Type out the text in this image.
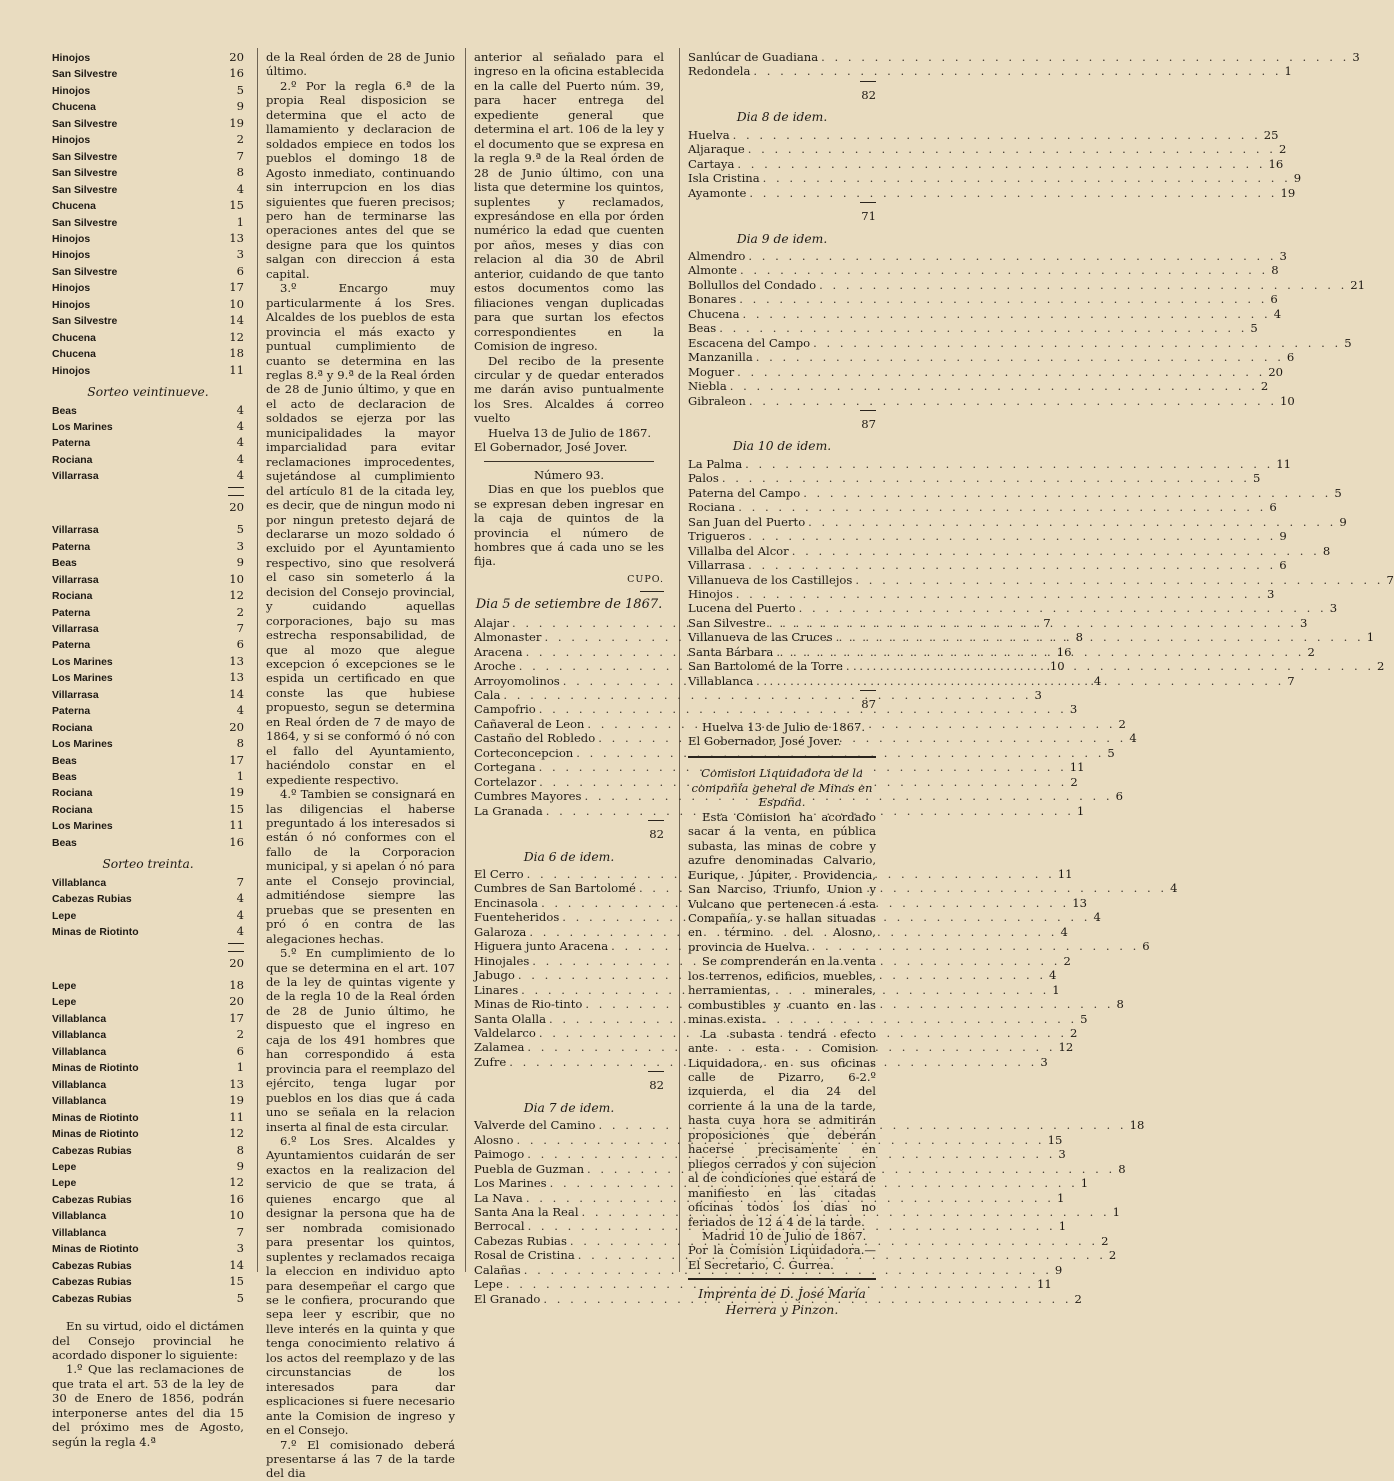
Hinojos	20
San Silvestre	16
Hinojos	5
Chucena	9
San Silvestre	19
Hinojos	2
San Silvestre	7
San Silvestre	8
San Silvestre	4
Chucena	15
San Silvestre	1
Hinojos	13
Hinojos	3
San Silvestre	6
Hinojos	17
Hinojos	10
San Silvestre	14
Chucena	12
Chucena	18
Hinojos	11
Sorteo veintinueve.
Beas	4
Los Marines	4
Paterna	4
Rociana	4
Villarrasa	4
20
Villarrasa	5
Paterna	3
Beas	9
Villarrasa	10
Rociana	12
Paterna	2
Villarrasa	7
Paterna	6
Los Marines	13
Los Marines	13
Villarrasa	14
Paterna	4
Rociana	20
Los Marines	8
Beas	17
Beas	1
Rociana	19
Rociana	15
Los Marines	11
Beas	16
Sorteo treinta.
Villablanca	7
Cabezas Rubias	4
Lepe	4
Minas de Riotinto	4
20
Lepe	18
Lepe	20
Villablanca	17
Villablanca	2
Villablanca	6
Minas de Riotinto	1
Villablanca	13
Villablanca	19
Minas de Riotinto	11
Minas de Riotinto	12
Cabezas Rubias	8
Lepe	9
Lepe	12
Cabezas Rubias	16
Villablanca	10
Villablanca	7
Minas de Riotinto	3
Cabezas Rubias	14
Cabezas Rubias	15
Cabezas Rubias	5

En su virtud, oido el dictámen del Consejo provincial he acordado disponer lo siguiente:

1.º Que las reclamaciones de que trata el art. 53 de la ley de 30 de Enero de 1856, podrán interponerse antes del dia 15 del próximo mes de Agosto, según la regla 4.ª

de la Real órden de 28 de Junio último.

2.º Por la regla 6.ª de la propia Real disposicion se determina que el acto de llamamiento y declaracion de soldados empiece en todos los pueblos el domingo 18 de Agosto inmediato, continuando sin interrupcion en los dias siguientes que fueren precisos; pero han de terminarse las operaciones antes del que se designe para que los quintos salgan con direccion á esta capital.

3.º Encargo muy particularmente á los Sres. Alcaldes de los pueblos de esta provincia el más exacto y puntual cumplimiento de cuanto se determina en las reglas 8.ª y 9.ª de la Real órden de 28 de Junio último, y que en el acto de declaracion de soldados se ejerza por las municipalidades la mayor imparcialidad para evitar reclamaciones improcedentes, sujetándose al cumplimiento del artículo 81 de la citada ley, es decir, que de ningun modo ni por ningun pretesto dejará de declararse un mozo soldado ó excluido por el Ayuntamiento respectivo, sino que resolverá el caso sin someterlo á la decision del Consejo provincial, y cuidando aquellas corporaciones, bajo su mas estrecha responsabilidad, de que al mozo que alegue excepcion ó excepciones se le espida un certificado en que conste las que hubiese propuesto, segun se determina en Real órden de 7 de mayo de 1864, y si se conformó ó nó con el fallo del Ayuntamiento, haciéndolo constar en el expediente respectivo.

4.º Tambien se consignará en las diligencias el haberse preguntado á los interesados si están ó nó conformes con el fallo de la Corporacion municipal, y si apelan ó nó para ante el Consejo provincial, admitiéndose siempre las pruebas que se presenten en pró ó en contra de las alegaciones hechas.

5.º En cumplimiento de lo que se determina en el art. 107 de la ley de quintas vigente y de la regla 10 de la Real órden de 28 de Junio último, he dispuesto que el ingreso en caja de los 491 hombres que han correspondido á esta provincia para el reemplazo del ejército, tenga lugar por pueblos en los dias que á cada uno se señala en la relacion inserta al final de esta circular.

6.º Los Sres. Alcaldes y Ayuntamientos cuidarán de ser exactos en la realizacion del servicio de que se trata, á quienes encargo que al designar la persona que ha de ser nombrada comisionado para presentar los quintos, suplentes y reclamados recaiga la eleccion en individuo apto para desempeñar el cargo que se le confiera, procurando que sepa leer y escribir, que no lleve interés en la quinta y que tenga conocimiento relativo á los actos del reemplazo y de las circunstancias de los interesados para dar esplicaciones si fuere necesario ante la Comision de ingreso y en el Consejo.

7.º El comisionado deberá presentarse á las 7 de la tarde del dia

anterior al señalado para el ingreso en la oficina establecida en la calle del Puerto núm. 39, para hacer entrega del expediente general que determina el art. 106 de la ley y el documento que se expresa en la regla 9.ª de la Real órden de 28 de Junio último, con una lista que determine los quintos, suplentes y reclamados, expresándose en ella por órden numérico la edad que cuenten por años, meses y dias con relacion al dia 30 de Abril anterior, cuidando de que tanto estos documentos como las filiaciones vengan duplicadas para que surtan los efectos correspondientes en la Comision de ingreso.

Del recibo de la presente circular y de quedar enterados me darán aviso puntualmente los Sres. Alcaldes á correo vuelto

Huelva 13 de Julio de 1867.

El Gobernador, José Jover.

Número 93.

Dias en que los pueblos que se expresan deben ingresar en la caja de quintos de la provincia el número de hombres que á cada uno se les fija.

CUPO.
Dia 5 de setiembre de 1867.
Alajar . . .	7
Almonaster . . .	8
Aracena . . .	16
Aroche . . .	10
Arroyomolinos . . .	4
Cala . . .	3
Campofrio . . .	3
Cañaveral de Leon . . .	2
Castaño del Robledo . . .	4
Corteconcepcion . . .	5
Cortegana . . .	11
Cortelazor . . .	2
Cumbres Mayores . . .	6
La Granada . . .	1
82
Dia 6 de idem.
El Cerro . . .	11
Cumbres de San Bartolomé . . .	4
Encinasola . . .	13
Fuenteheridos . . .	4
Galaroza . . .	4
Higuera junto Aracena . . .	6
Hinojales . . .	2
Jabugo . . .	4
Linares . . .	1
Minas de Rio-tinto . . .	8
Santa Olalla . . .	5
Valdelarco . . .	2
Zalamea . . .	12
Zufre . . .	3
82
Dia 7 de idem.
Valverde del Camino . . .	18
Alosno . . .	15
Paimogo . . .	3
Puebla de Guzman . . .	8
Los Marines . . .	1
La Nava . . .	1
Santa Ana la Real . . .	1
Berrocal . . .	1
Cabezas Rubias . . .	2
Rosal de Cristina . . .	2
Calañas . . .	9
Lepe . . .	11
El Granado . . .	2
Sanlúcar de Guadiana . . .	3
Redondela . . .	1
82
Dia 8 de idem.
Huelva . . .	25
Aljaraque . . .	2
Cartaya . . .	16
Isla Cristina . . .	9
Ayamonte . . .	19
71
Dia 9 de idem.
Almendro . . .	3
Almonte . . .	8
Bollullos del Condado . . .	21
Bonares . . .	6
Chucena . . .	4
Beas . . .	5
Escacena del Campo . . .	5
Manzanilla . . .	6
Moguer . . .	20
Niebla . . .	2
Gibraleon . . .	10
87
Dia 10 de idem.
La Palma . . .	11
Palos . . .	5
Paterna del Campo . . .	5
Rociana . . .	6
San Juan del Puerto . . .	9
Trigueros . . .	9
Villalba del Alcor . . .	8
Villarrasa . . .	6
Villanueva de los Castillejos . . .	7
Hinojos . . .	3
Lucena del Puerto . . .	3
San Silvestre . . .	3
Villanueva de las Cruces . . .	1
Santa Bárbara . . .	2
San Bartolomé de la Torre . . .	2
Villablanca . . .	7
87

Huelva 13 de Julio de 1867.

El Gobernador, José Jover.

Comision Liquidadora de la compañía general de Minas en España.

Esta Comision ha acordado sacar á la venta, en pública subasta, las minas de cobre y azufre denominadas Calvario, Eurique, Júpiter, Providencia, San Narciso, Triunfo, Union y Vulcano que pertenecen á esta Compañía, y se hallan situadas en término del Alosno, provincia de Huelva.

Se comprenderán en la venta los terrenos, edificios, muebles, herramientas, minerales, combustibles y cuanto en las minas exista.

La subasta tendrá efecto ante esta Comision Liquidadora, en sus oficinas calle de Pizarro, 6-2.º izquierda, el dia 24 del corriente á la una de la tarde, hasta cuya hora se admitirán proposiciones que deberán hacerse precisamente en pliegos cerrados y con sujecion al de condiciones que estará de manifiesto en las citadas oficinas todos los dias no feriados de 12 á 4 de la tarde.

Madrid 10 de Julio de 1867.

Por la Comision Liquidadora.—El Secretario, C. Gurrea.

Imprenta de D. José María
Herrera y Pinzon.
